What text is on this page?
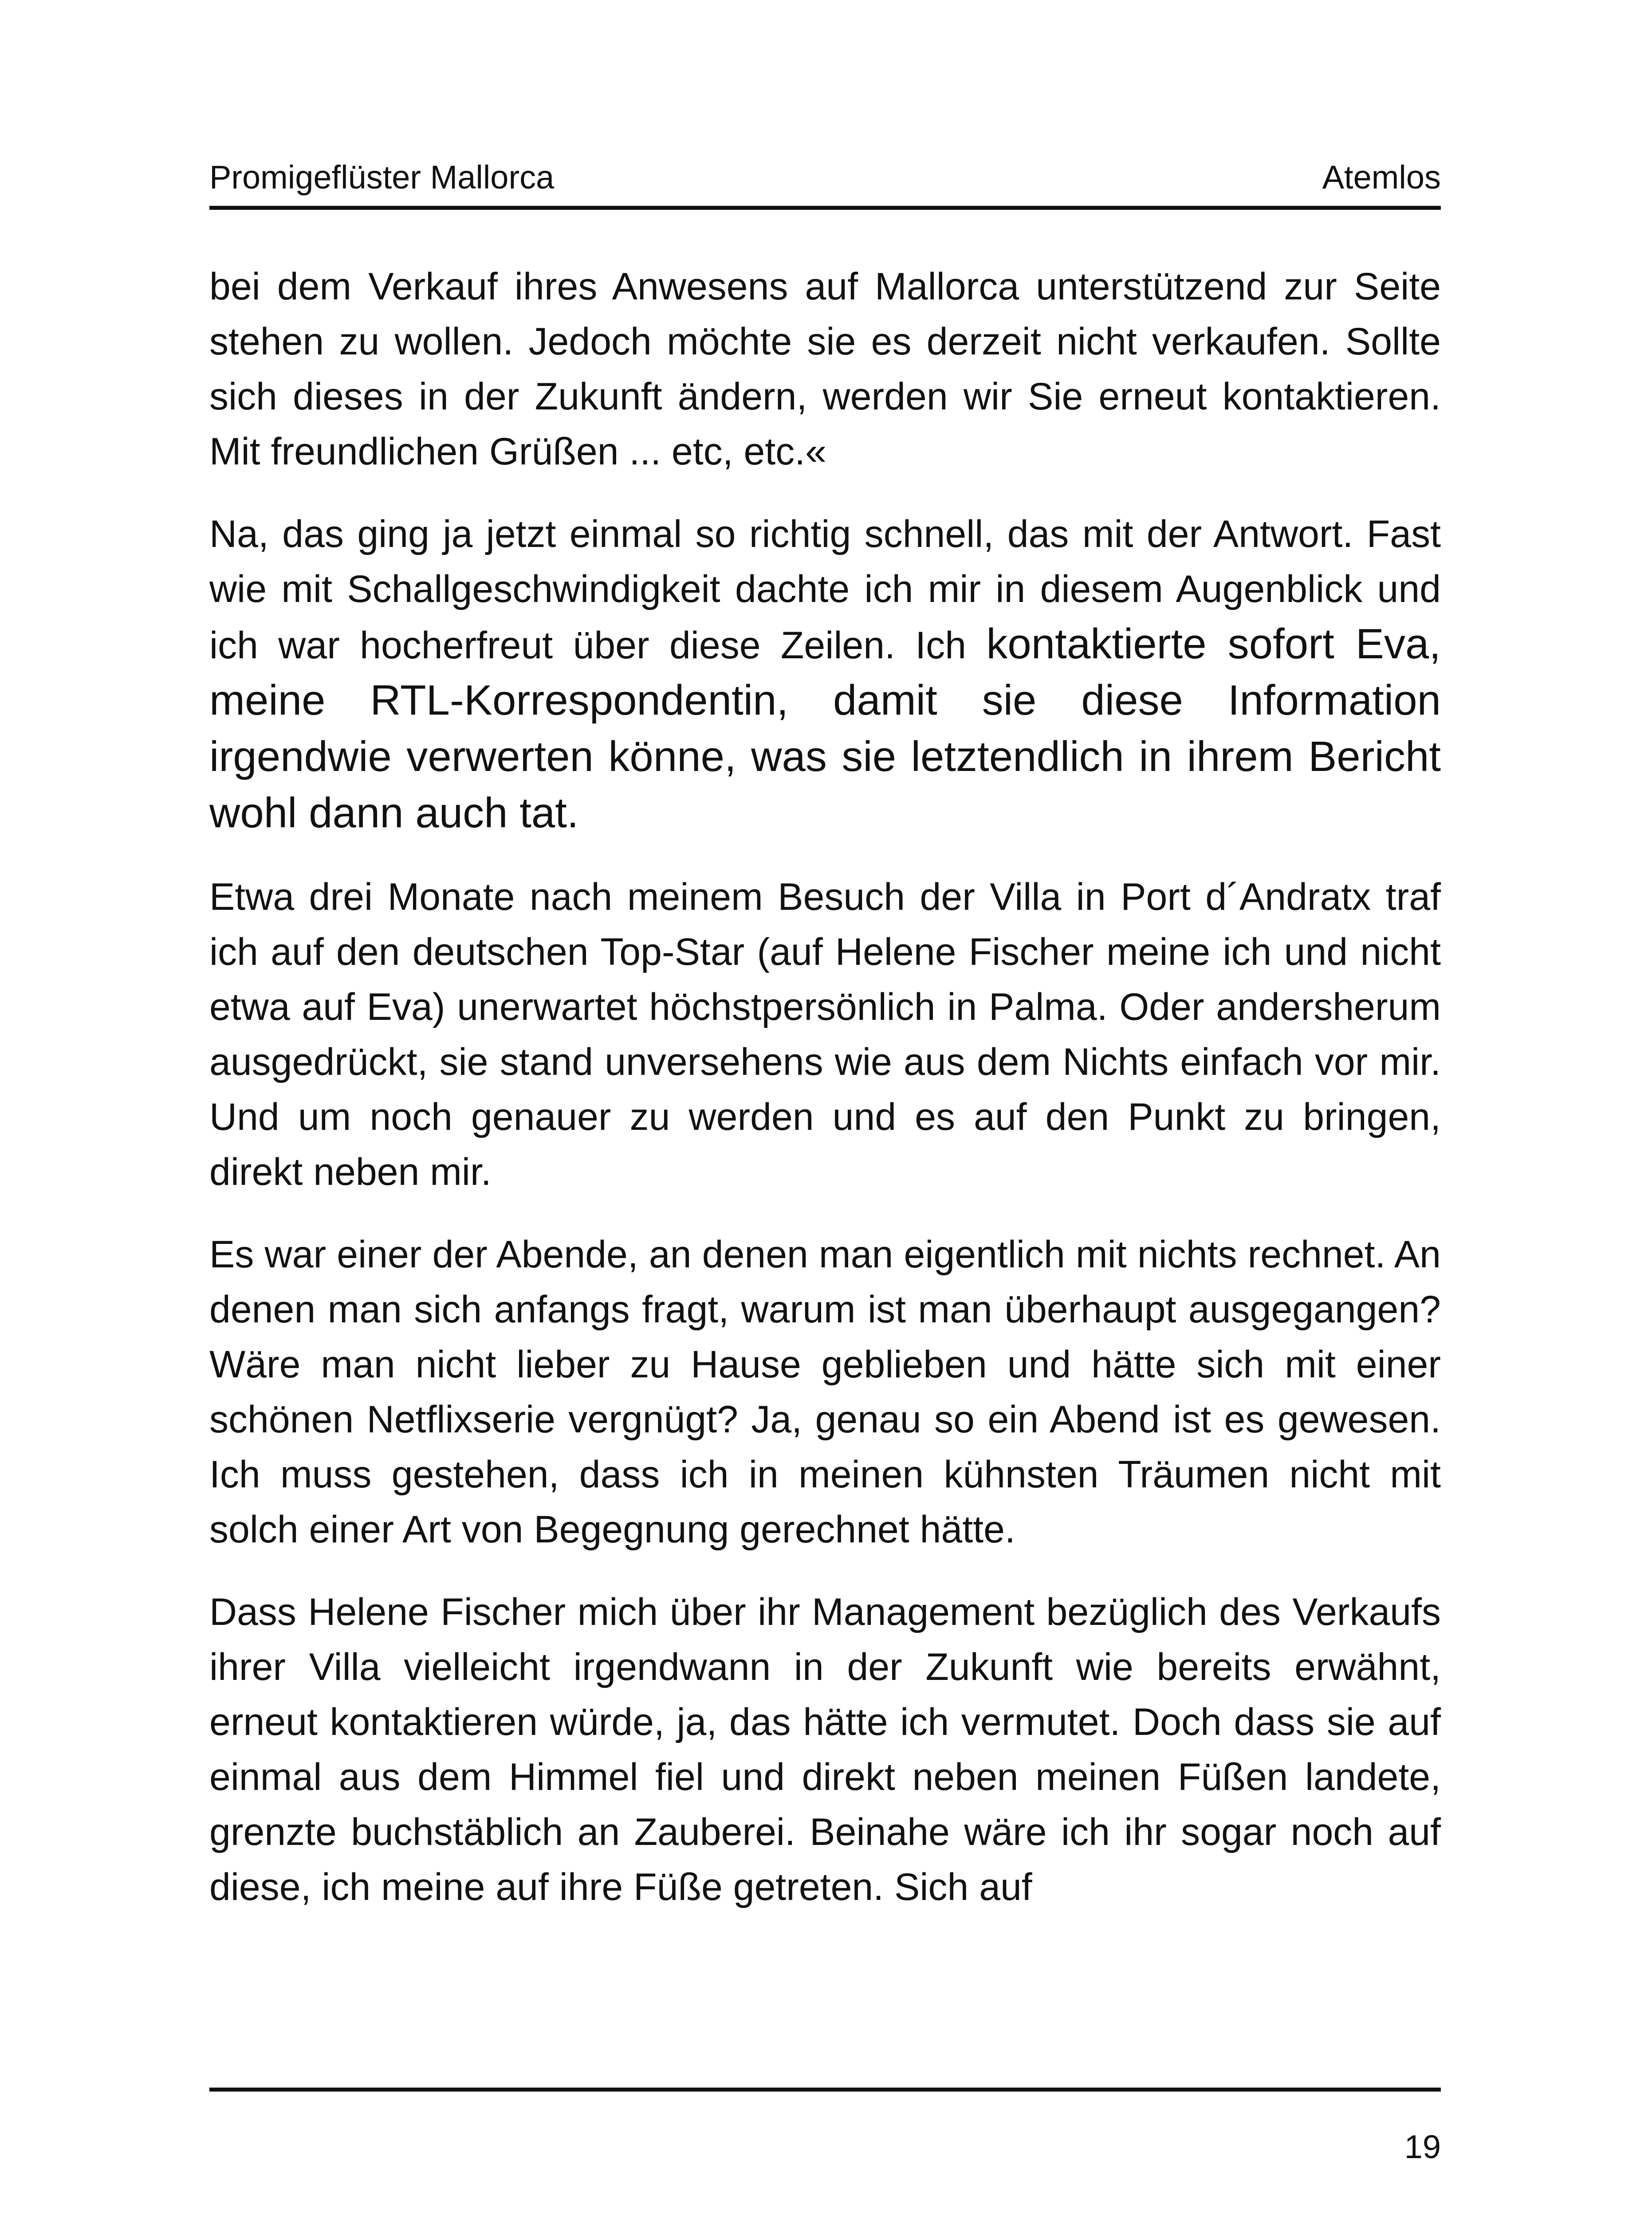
Promigeflüster Mallorca	Atemlos

bei dem Verkauf ihres Anwesens auf Mallorca unterstützend zur Seite stehen zu wollen. Jedoch möchte sie es derzeit nicht verkaufen. Sollte sich dieses in der Zukunft ändern, werden wir Sie erneut kontaktieren. Mit freundlichen Grüßen ... etc, etc.«

Na, das ging ja jetzt einmal so richtig schnell, das mit der Antwort. Fast wie mit Schallgeschwindigkeit dachte ich mir in diesem Augenblick und ich war hocherfreut über diese Zeilen. Ich kontaktierte sofort Eva, meine RTL-Korrespondentin, damit sie diese Information irgendwie verwerten könne, was sie letztendlich in ihrem Bericht wohl dann auch tat.

Etwa drei Monate nach meinem Besuch der Villa in Port d´Andratx traf ich auf den deutschen Top-Star (auf Helene Fischer meine ich und nicht etwa auf Eva) unerwartet höchstpersönlich in Palma. Oder andersherum ausgedrückt, sie stand unversehens wie aus dem Nichts einfach vor mir. Und um noch genauer zu werden und es auf den Punkt zu bringen, direkt neben mir.

Es war einer der Abende, an denen man eigentlich mit nichts rechnet. An denen man sich anfangs fragt, warum ist man überhaupt ausgegangen? Wäre man nicht lieber zu Hause geblieben und hätte sich mit einer schönen Netflixserie vergnügt? Ja, genau so ein Abend ist es gewesen. Ich muss gestehen, dass ich in meinen kühnsten Träumen nicht mit solch einer Art von Begegnung gerechnet hätte.

Dass Helene Fischer mich über ihr Management bezüglich des Verkaufs ihrer Villa vielleicht irgendwann in der Zukunft wie bereits erwähnt, erneut kontaktieren würde, ja, das hätte ich vermutet. Doch dass sie auf einmal aus dem Himmel fiel und direkt neben meinen Füßen landete, grenzte buchstäblich an Zauberei. Beinahe wäre ich ihr sogar noch auf diese, ich meine auf ihre Füße getreten. Sich auf

19
